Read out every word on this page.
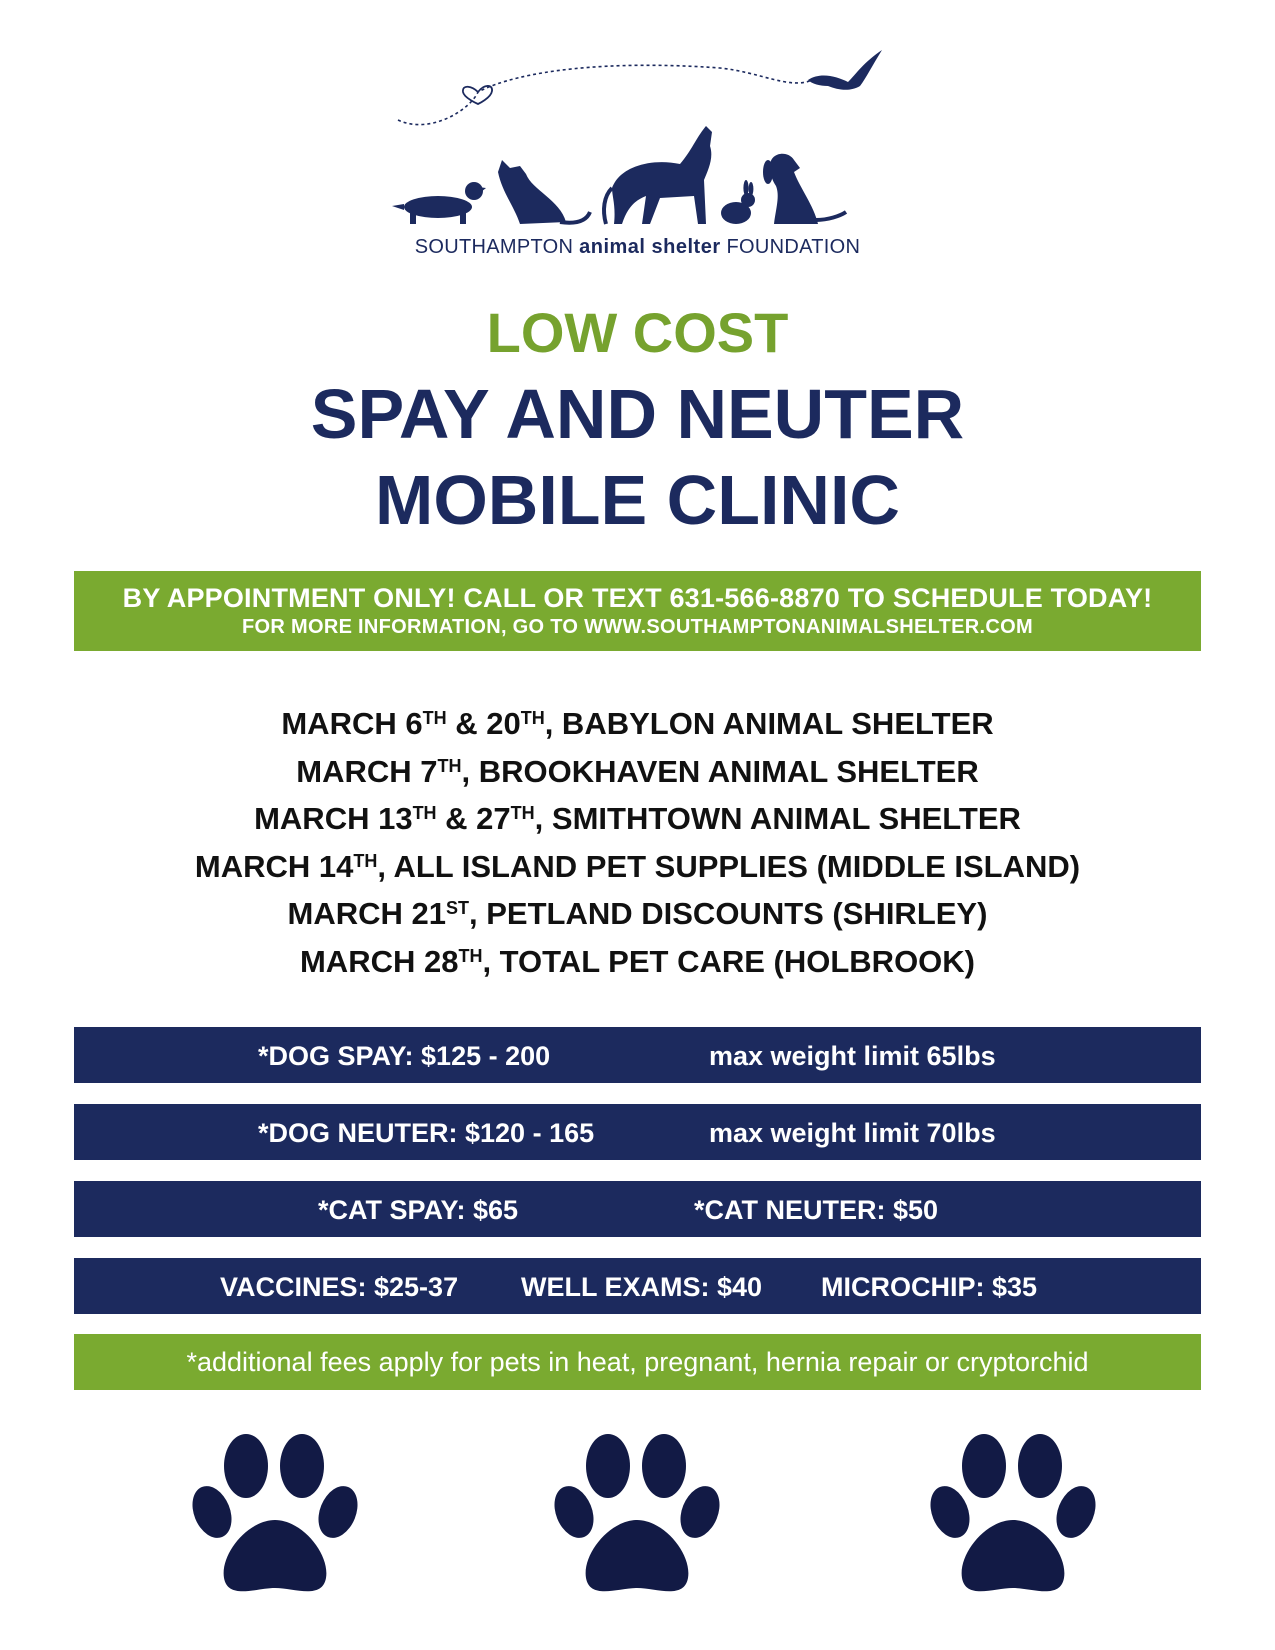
SOUTHAMPTON animal shelter FOUNDATION
LOW COST
SPAY AND NEUTER
MOBILE CLINIC
BY APPOINTMENT ONLY! CALL OR TEXT 631-566-8870 TO SCHEDULE TODAY!
FOR MORE INFORMATION, GO TO WWW.SOUTHAMPTONANIMALSHELTER.COM
MARCH 6TH & 20TH, BABYLON ANIMAL SHELTER
MARCH 7TH, BROOKHAVEN ANIMAL SHELTER
MARCH 13TH & 27TH, SMITHTOWN ANIMAL SHELTER
MARCH 14TH, ALL ISLAND PET SUPPLIES (MIDDLE ISLAND)
MARCH 21ST, PETLAND DISCOUNTS (SHIRLEY)
MARCH 28TH, TOTAL PET CARE (HOLBROOK)
*DOG SPAY: $125 - 200	max weight limit 65lbs
*DOG NEUTER: $120 - 165	max weight limit 70lbs
*CAT SPAY: $65	*CAT NEUTER: $50
VACCINES: $25-37 WELL EXAMS: $40 MICROCHIP: $35
*additional fees apply for pets in heat, pregnant, hernia repair or cryptorchid
